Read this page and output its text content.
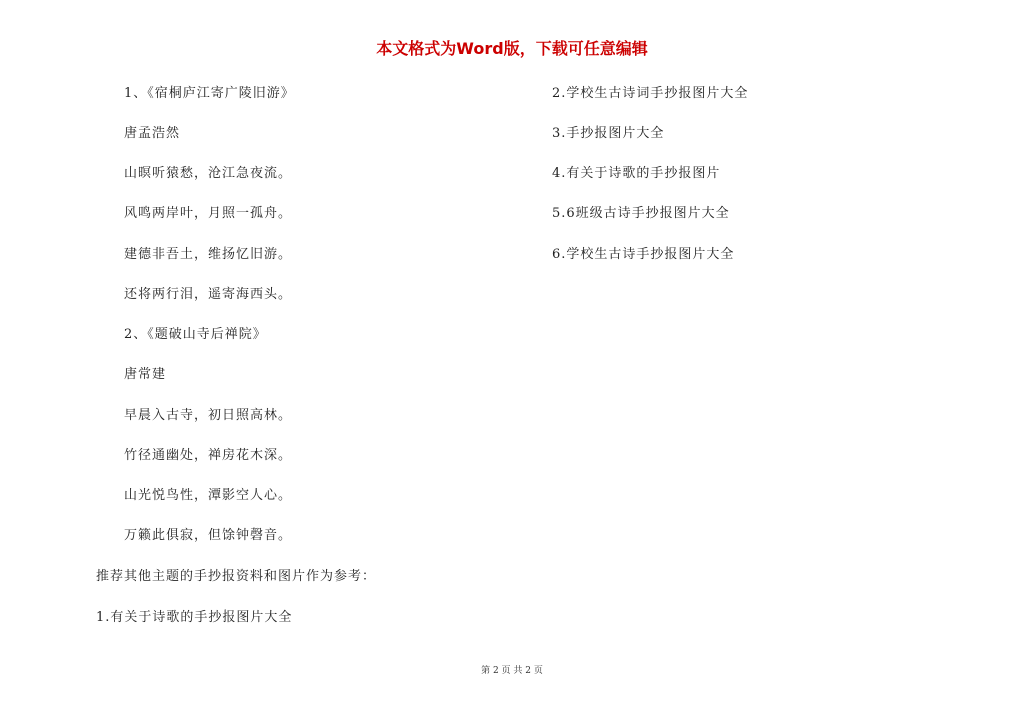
本文格式为Word版，下载可任意编辑
1、《宿桐庐江寄广陵旧游》
唐孟浩然
山暝听猿愁，沧江急夜流。
风鸣两岸叶，月照一孤舟。
建德非吾土，维扬忆旧游。
还将两行泪，遥寄海西头。
2、《题破山寺后禅院》
唐常建
早晨入古寺，初日照高林。
竹径通幽处，禅房花木深。
山光悦鸟性，潭影空人心。
万籁此俱寂，但馀钟磬音。
推荐其他主题的手抄报资料和图片作为参考：
1.有关于诗歌的手抄报图片大全
2.学校生古诗词手抄报图片大全
3.手抄报图片大全
4.有关于诗歌的手抄报图片
5.6班级古诗手抄报图片大全
6.学校生古诗手抄报图片大全
第 2 页 共 2 页
